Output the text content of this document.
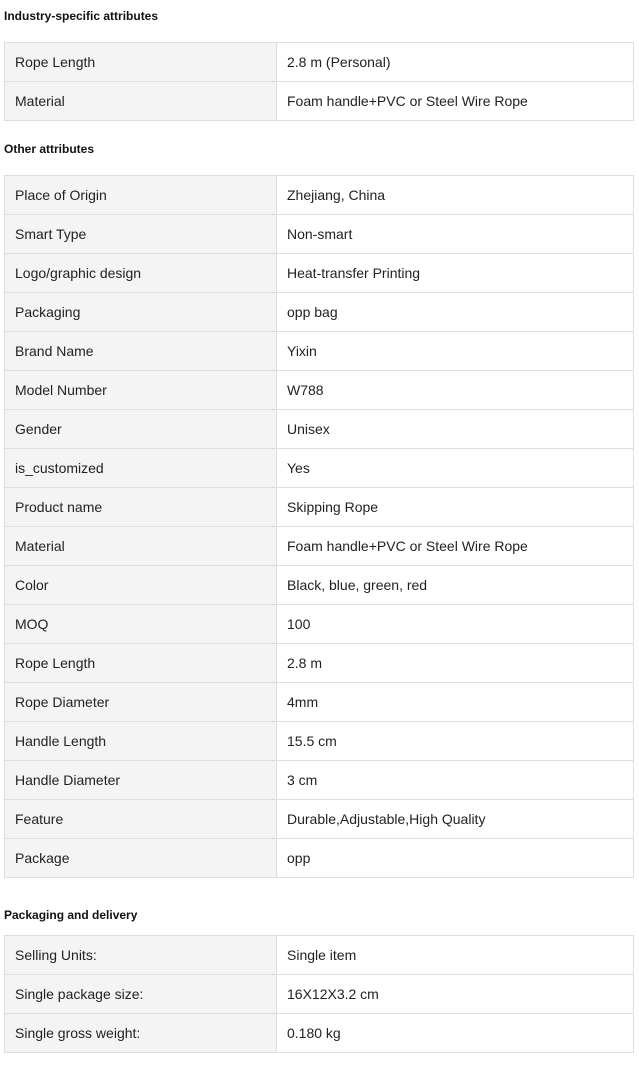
Industry-specific attributes
Rope Length	2.8 m (Personal)
Material	Foam handle+PVC or Steel Wire Rope
Other attributes
Place of Origin	Zhejiang, China
Smart Type	Non-smart
Logo/graphic design	Heat-transfer Printing
Packaging	opp bag
Brand Name	Yixin
Model Number	W788
Gender	Unisex
is_customized	Yes
Product name	Skipping Rope
Material	Foam handle+PVC or Steel Wire Rope
Color	Black, blue, green, red
MOQ	100
Rope Length	2.8 m
Rope Diameter	4mm
Handle Length	15.5 cm
Handle Diameter	3 cm
Feature	Durable,Adjustable,High Quality
Package	opp
Packaging and delivery
Selling Units:	Single item
Single package size:	16X12X3.2 cm
Single gross weight:	0.180 kg
